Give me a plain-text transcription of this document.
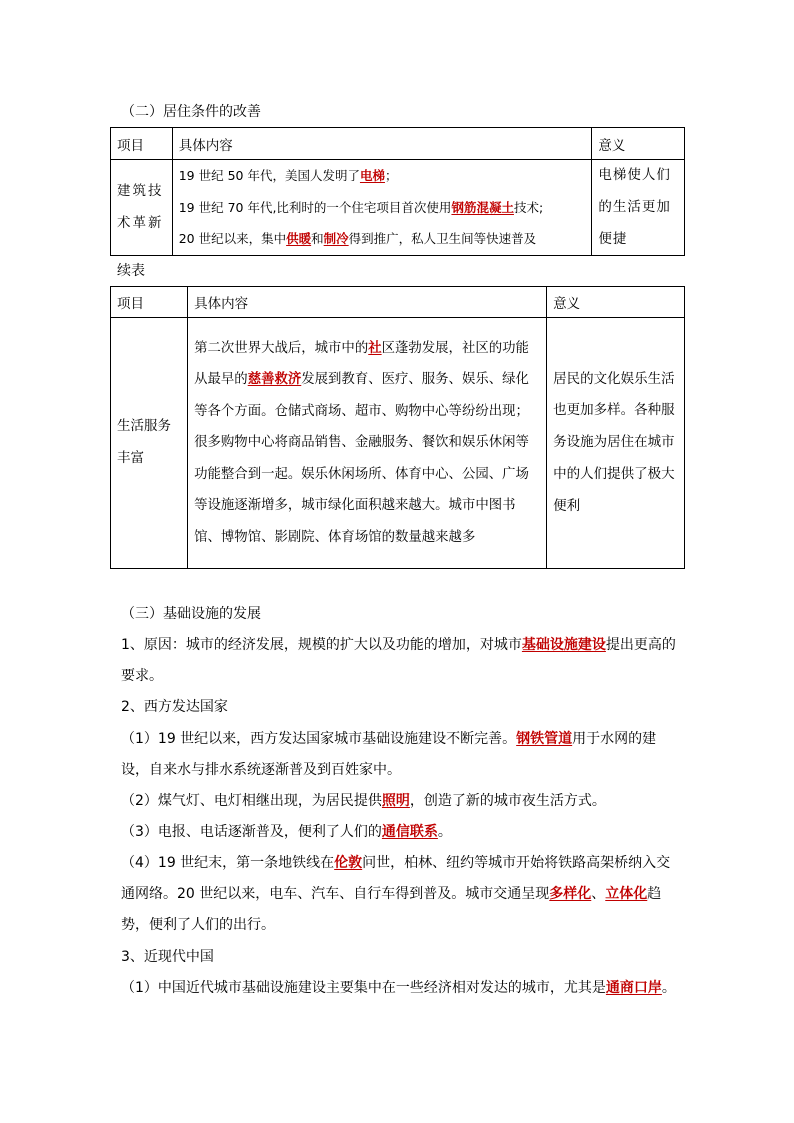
（二）居住条件的改善
项目	具体内容	意义
建筑技术革新	19 世纪 50 年代，美国人发明了电梯；
19 世纪 70 年代,比利时的一个住宅项目首次使用钢筋混凝土技术;
20 世纪以来，集中供暖和制冷得到推广，私人卫生间等快速普及	电梯使人们的生活更加便捷
续表
项目	具体内容	意义
生活服务丰富	第二次世界大战后，城市中的社区蓬勃发展，社区的功能从最早的慈善救济发展到教育、医疗、服务、娱乐、绿化等各个方面。仓储式商场、超市、购物中心等纷纷出现；很多购物中心将商品销售、金融服务、餐饮和娱乐休闲等功能整合到一起。娱乐休闲场所、体育中心、公园、广场等设施逐渐增多，城市绿化面积越来越大。城市中图书馆、博物馆、影剧院、体育场馆的数量越来越多	居民的文化娱乐生活也更加多样。各种服务设施为居住在城市中的人们提供了极大便利
（三）基础设施的发展
1、原因：城市的经济发展，规模的扩大以及功能的增加，对城市基础设施建设提出更高的要求。
2、西方发达国家
（1）19 世纪以来，西方发达国家城市基础设施建设不断完善。钢铁管道用于水网的建设，自来水与排水系统逐渐普及到百姓家中。
（2）煤气灯、电灯相继出现，为居民提供照明，创造了新的城市夜生活方式。
（3）电报、电话逐渐普及，便利了人们的通信联系。
（4）19 世纪末，第一条地铁线在伦敦问世，柏林、纽约等城市开始将铁路高架桥纳入交通网络。20 世纪以来，电车、汽车、自行车得到普及。城市交通呈现多样化、立体化趋势，便利了人们的出行。
3、近现代中国
（1）中国近代城市基础设施建设主要集中在一些经济相对发达的城市，尤其是通商口岸。
